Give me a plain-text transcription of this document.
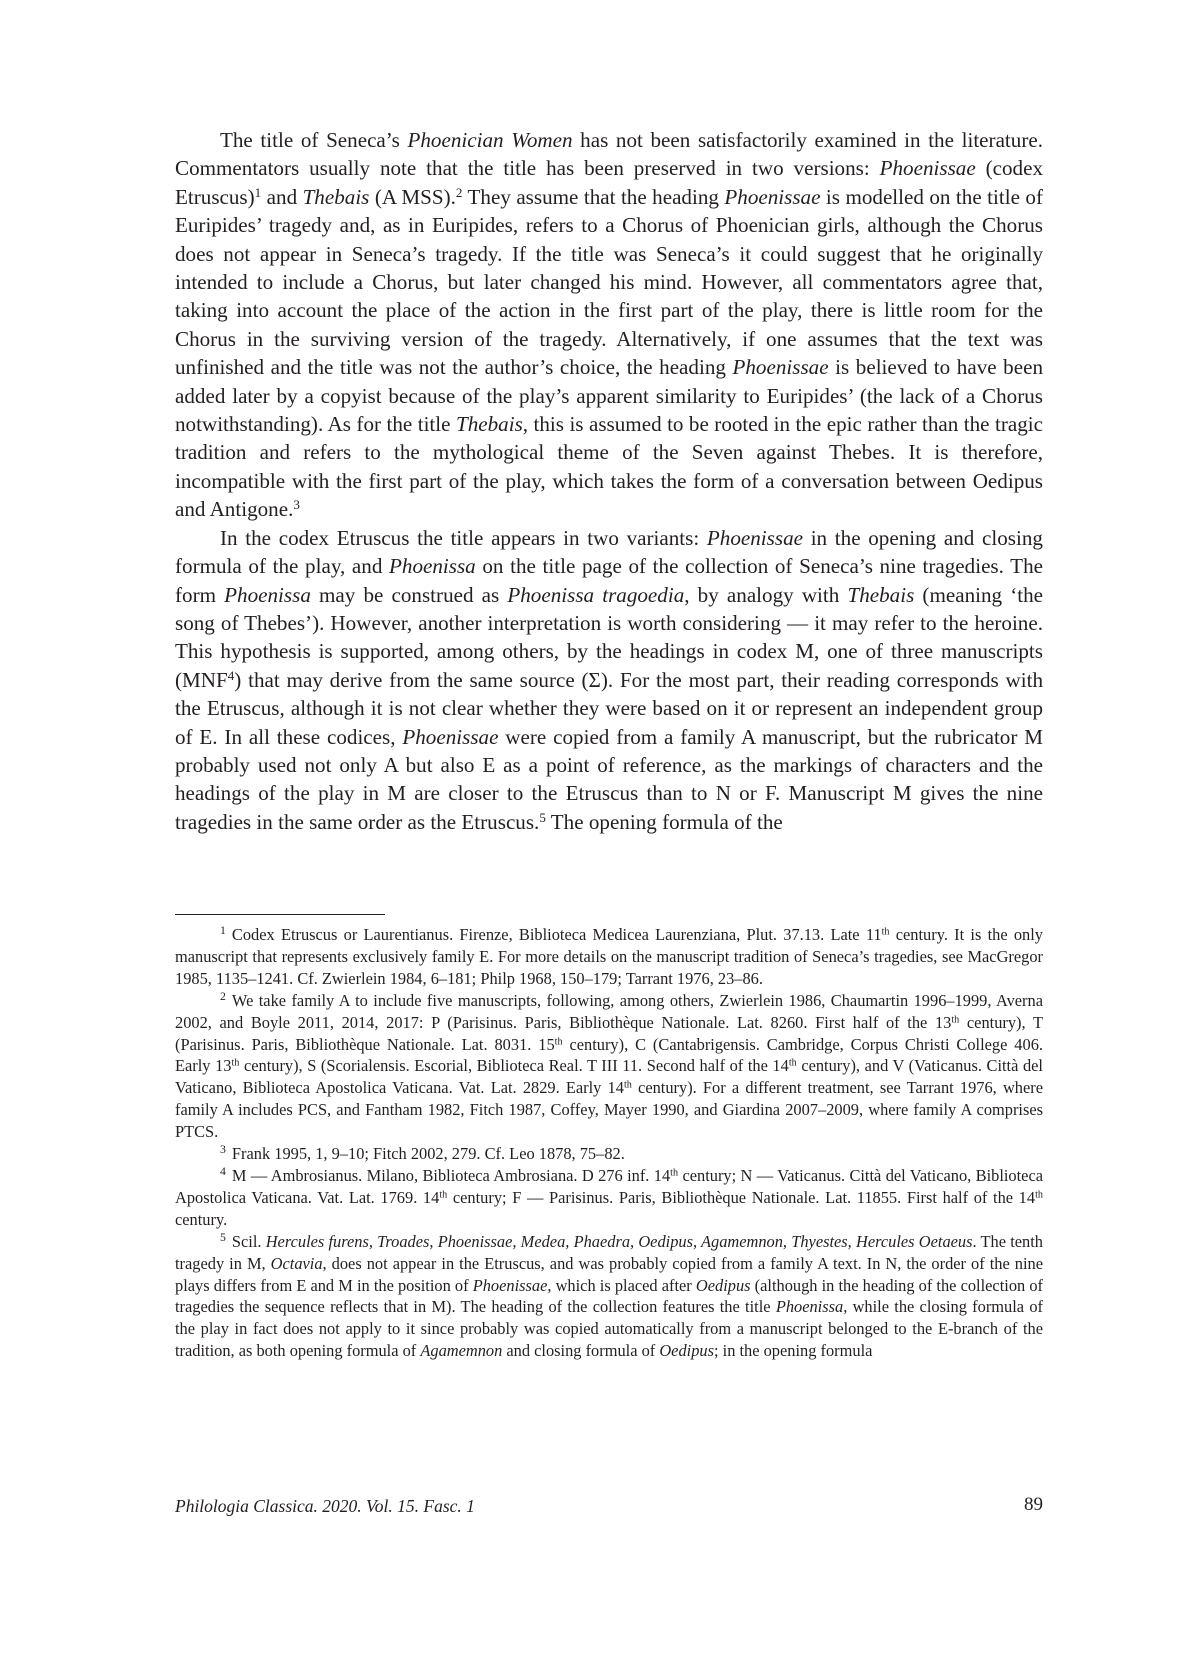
The title of Seneca’s Phoenician Women has not been satisfactorily examined in the literature. Commentators usually note that the title has been preserved in two versions: Phoenissae (codex Etruscus)$^1$ and Thebais (A MSS).$^2$ They assume that the heading Phoenissae is modelled on the title of Euripides’ tragedy and, as in Euripides, refers to a Chorus of Phoenician girls, although the Chorus does not appear in Seneca’s tragedy. If the title was Seneca’s it could suggest that he originally intended to include a Chorus, but later changed his mind. However, all commentators agree that, taking into account the place of the action in the first part of the play, there is little room for the Chorus in the surviving version of the tragedy. Alternatively, if one assumes that the text was unfinished and the title was not the author’s choice, the heading Phoenissae is believed to have been added later by a copyist because of the play’s apparent similarity to Euripides’ (the lack of a Chorus notwithstanding). As for the title Thebais, this is assumed to be rooted in the epic rather than the tragic tradition and refers to the mythological theme of the Seven against Thebes. It is therefore, incompatible with the first part of the play, which takes the form of a conversation between Oedipus and Antigone.$^3$

In the codex Etruscus the title appears in two variants: Phoenissae in the opening and closing formula of the play, and Phoenissa on the title page of the collection of Seneca’s nine tragedies. The form Phoenissa may be construed as Phoenissa tragoedia, by analogy with Thebais (meaning ‘the song of Thebes’). However, another interpretation is worth considering — it may refer to the heroine. This hypothesis is supported, among others, by the headings in codex M, one of three manuscripts (MNF$^4$) that may derive from the same source (Σ). For the most part, their reading corresponds with the Etruscus, although it is not clear whether they were based on it or represent an independent group of E. In all these codices, Phoenissae were copied from a family A manuscript, but the rubricator M probably used not only A but also E as a point of reference, as the markings of characters and the headings of the play in M are closer to the Etruscus than to N or F. Manuscript M gives the nine tragedies in the same order as the Etruscus.$^5$ The opening formula of the

$^1$ Codex Etruscus or Laurentianus. Firenze, Biblioteca Medicea Laurenziana, Plut. 37.13. Late 11th century. It is the only manuscript that represents exclusively family E. For more details on the manuscript tradition of Seneca’s tragedies, see MacGregor 1985, 1135–1241. Cf. Zwierlein 1984, 6–181; Philp 1968, 150–179; Tarrant 1976, 23–86.

$^2$ We take family A to include five manuscripts, following, among others, Zwierlein 1986, Chaumartin 1996–1999, Averna 2002, and Boyle 2011, 2014, 2017: P (Parisinus. Paris, Bibliothèque Nationale. Lat. 8260. First half of the 13th century), T (Parisinus. Paris, Bibliothèque Nationale. Lat. 8031. 15th century), C (Cantabrigensis. Cambridge, Corpus Christi College 406. Early 13th century), S (Scorialensis. Escorial, Biblioteca Real. T III 11. Second half of the 14th century), and V (Vaticanus. Città del Vaticano, Biblioteca Apostolica Vaticana. Vat. Lat. 2829. Early 14th century). For a different treatment, see Tarrant 1976, where family A includes PCS, and Fantham 1982, Fitch 1987, Coffey, Mayer 1990, and Giardina 2007–2009, where family A comprises PTCS.

$^3$ Frank 1995, 1, 9–10; Fitch 2002, 279. Cf. Leo 1878, 75–82.

$^4$ M — Ambrosianus. Milano, Biblioteca Ambrosiana. D 276 inf. 14th century; N — Vaticanus. Città del Vaticano, Biblioteca Apostolica Vaticana. Vat. Lat. 1769. 14th century; F — Parisinus. Paris, Bibliothèque Nationale. Lat. 11855. First half of the 14th century.

$^5$ Scil. Hercules furens, Troades, Phoenissae, Medea, Phaedra, Oedipus, Agamemnon, Thyestes, Hercules Oetaeus. The tenth tragedy in M, Octavia, does not appear in the Etruscus, and was probably copied from a family A text. In N, the order of the nine plays differs from E and M in the position of Phoenissae, which is placed after Oedipus (although in the heading of the collection of tragedies the sequence reflects that in M). The heading of the collection features the title Phoenissa, while the closing formula of the play in fact does not apply to it since probably was copied automatically from a manuscript belonged to the E-branch of the tradition, as both opening formula of Agamemnon and closing formula of Oedipus; in the opening formula

Philologia Classica. 2020. Vol. 15. Fasc. 1	89
